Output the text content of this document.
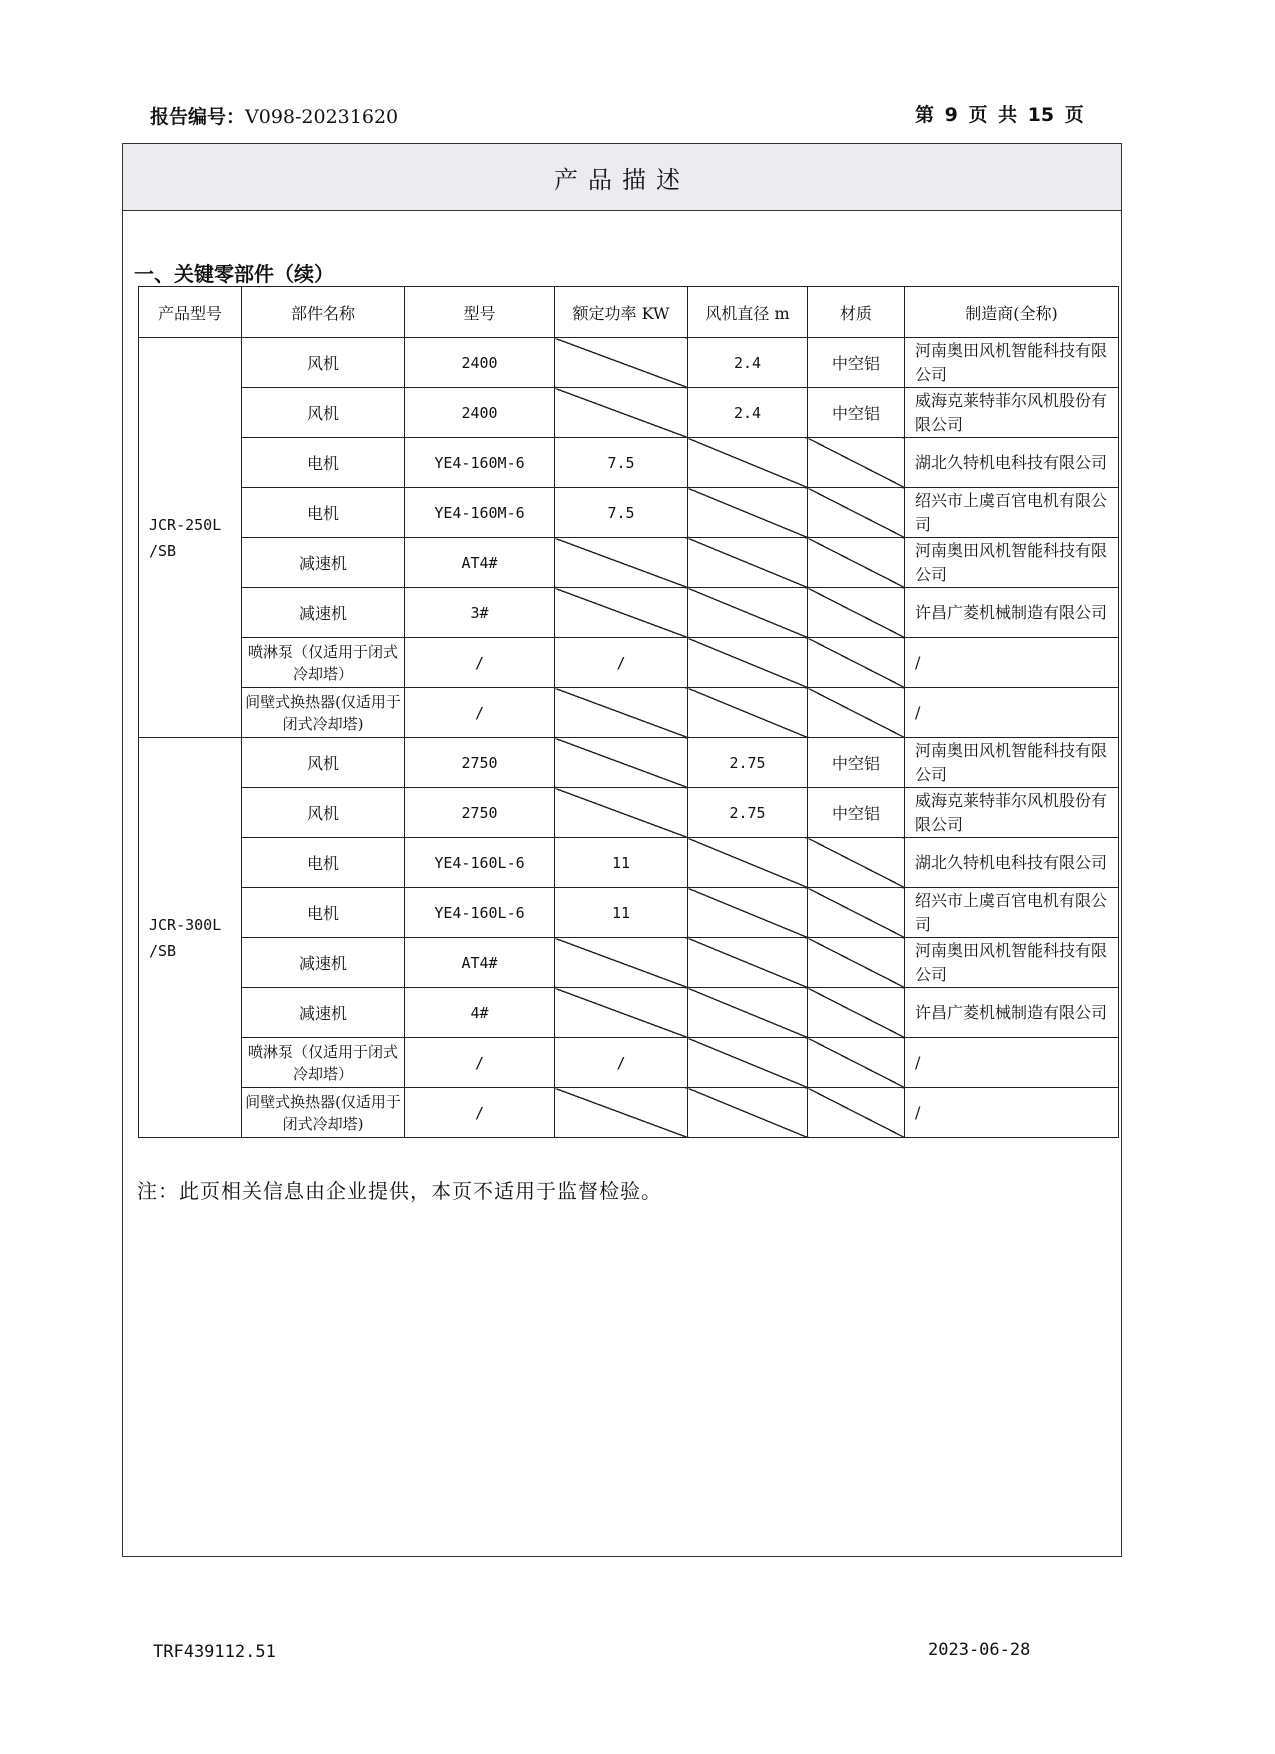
报告编号：V098-20231620	第 9 页 共 15 页
产品描述
一、关键零部件（续）
产品型号	部件名称	型号	额定功率 KW	风机直径 m	材质	制造商(全称)

JCR-250L
/SB	风机	2400		2.4	中空铝	河南奥田风机智能科技有限公司
	风机	2400		2.4	中空铝	威海克莱特菲尔风机股份有限公司
	电机	YE4-160M-6	7.5			湖北久特机电科技有限公司
	电机	YE4-160M-6	7.5			绍兴市上虞百官电机有限公司
	减速机	AT4#				河南奥田风机智能科技有限公司
	减速机	3#				许昌广菱机械制造有限公司
	喷淋泵（仅适用于闭式冷却塔）	/	/			/
	间壁式换热器(仅适用于闭式冷却塔)	/				/

JCR-300L
/SB	风机	2750		2.75	中空铝	河南奥田风机智能科技有限公司
	风机	2750		2.75	中空铝	威海克莱特菲尔风机股份有限公司
	电机	YE4-160L-6	11			湖北久特机电科技有限公司
	电机	YE4-160L-6	11			绍兴市上虞百官电机有限公司
	减速机	AT4#				河南奥田风机智能科技有限公司
	减速机	4#				许昌广菱机械制造有限公司
	喷淋泵（仅适用于闭式冷却塔）	/	/			/
	间壁式换热器(仅适用于闭式冷却塔)	/				/
注：此页相关信息由企业提供，本页不适用于监督检验。
TRF439112.51	2023-06-28
